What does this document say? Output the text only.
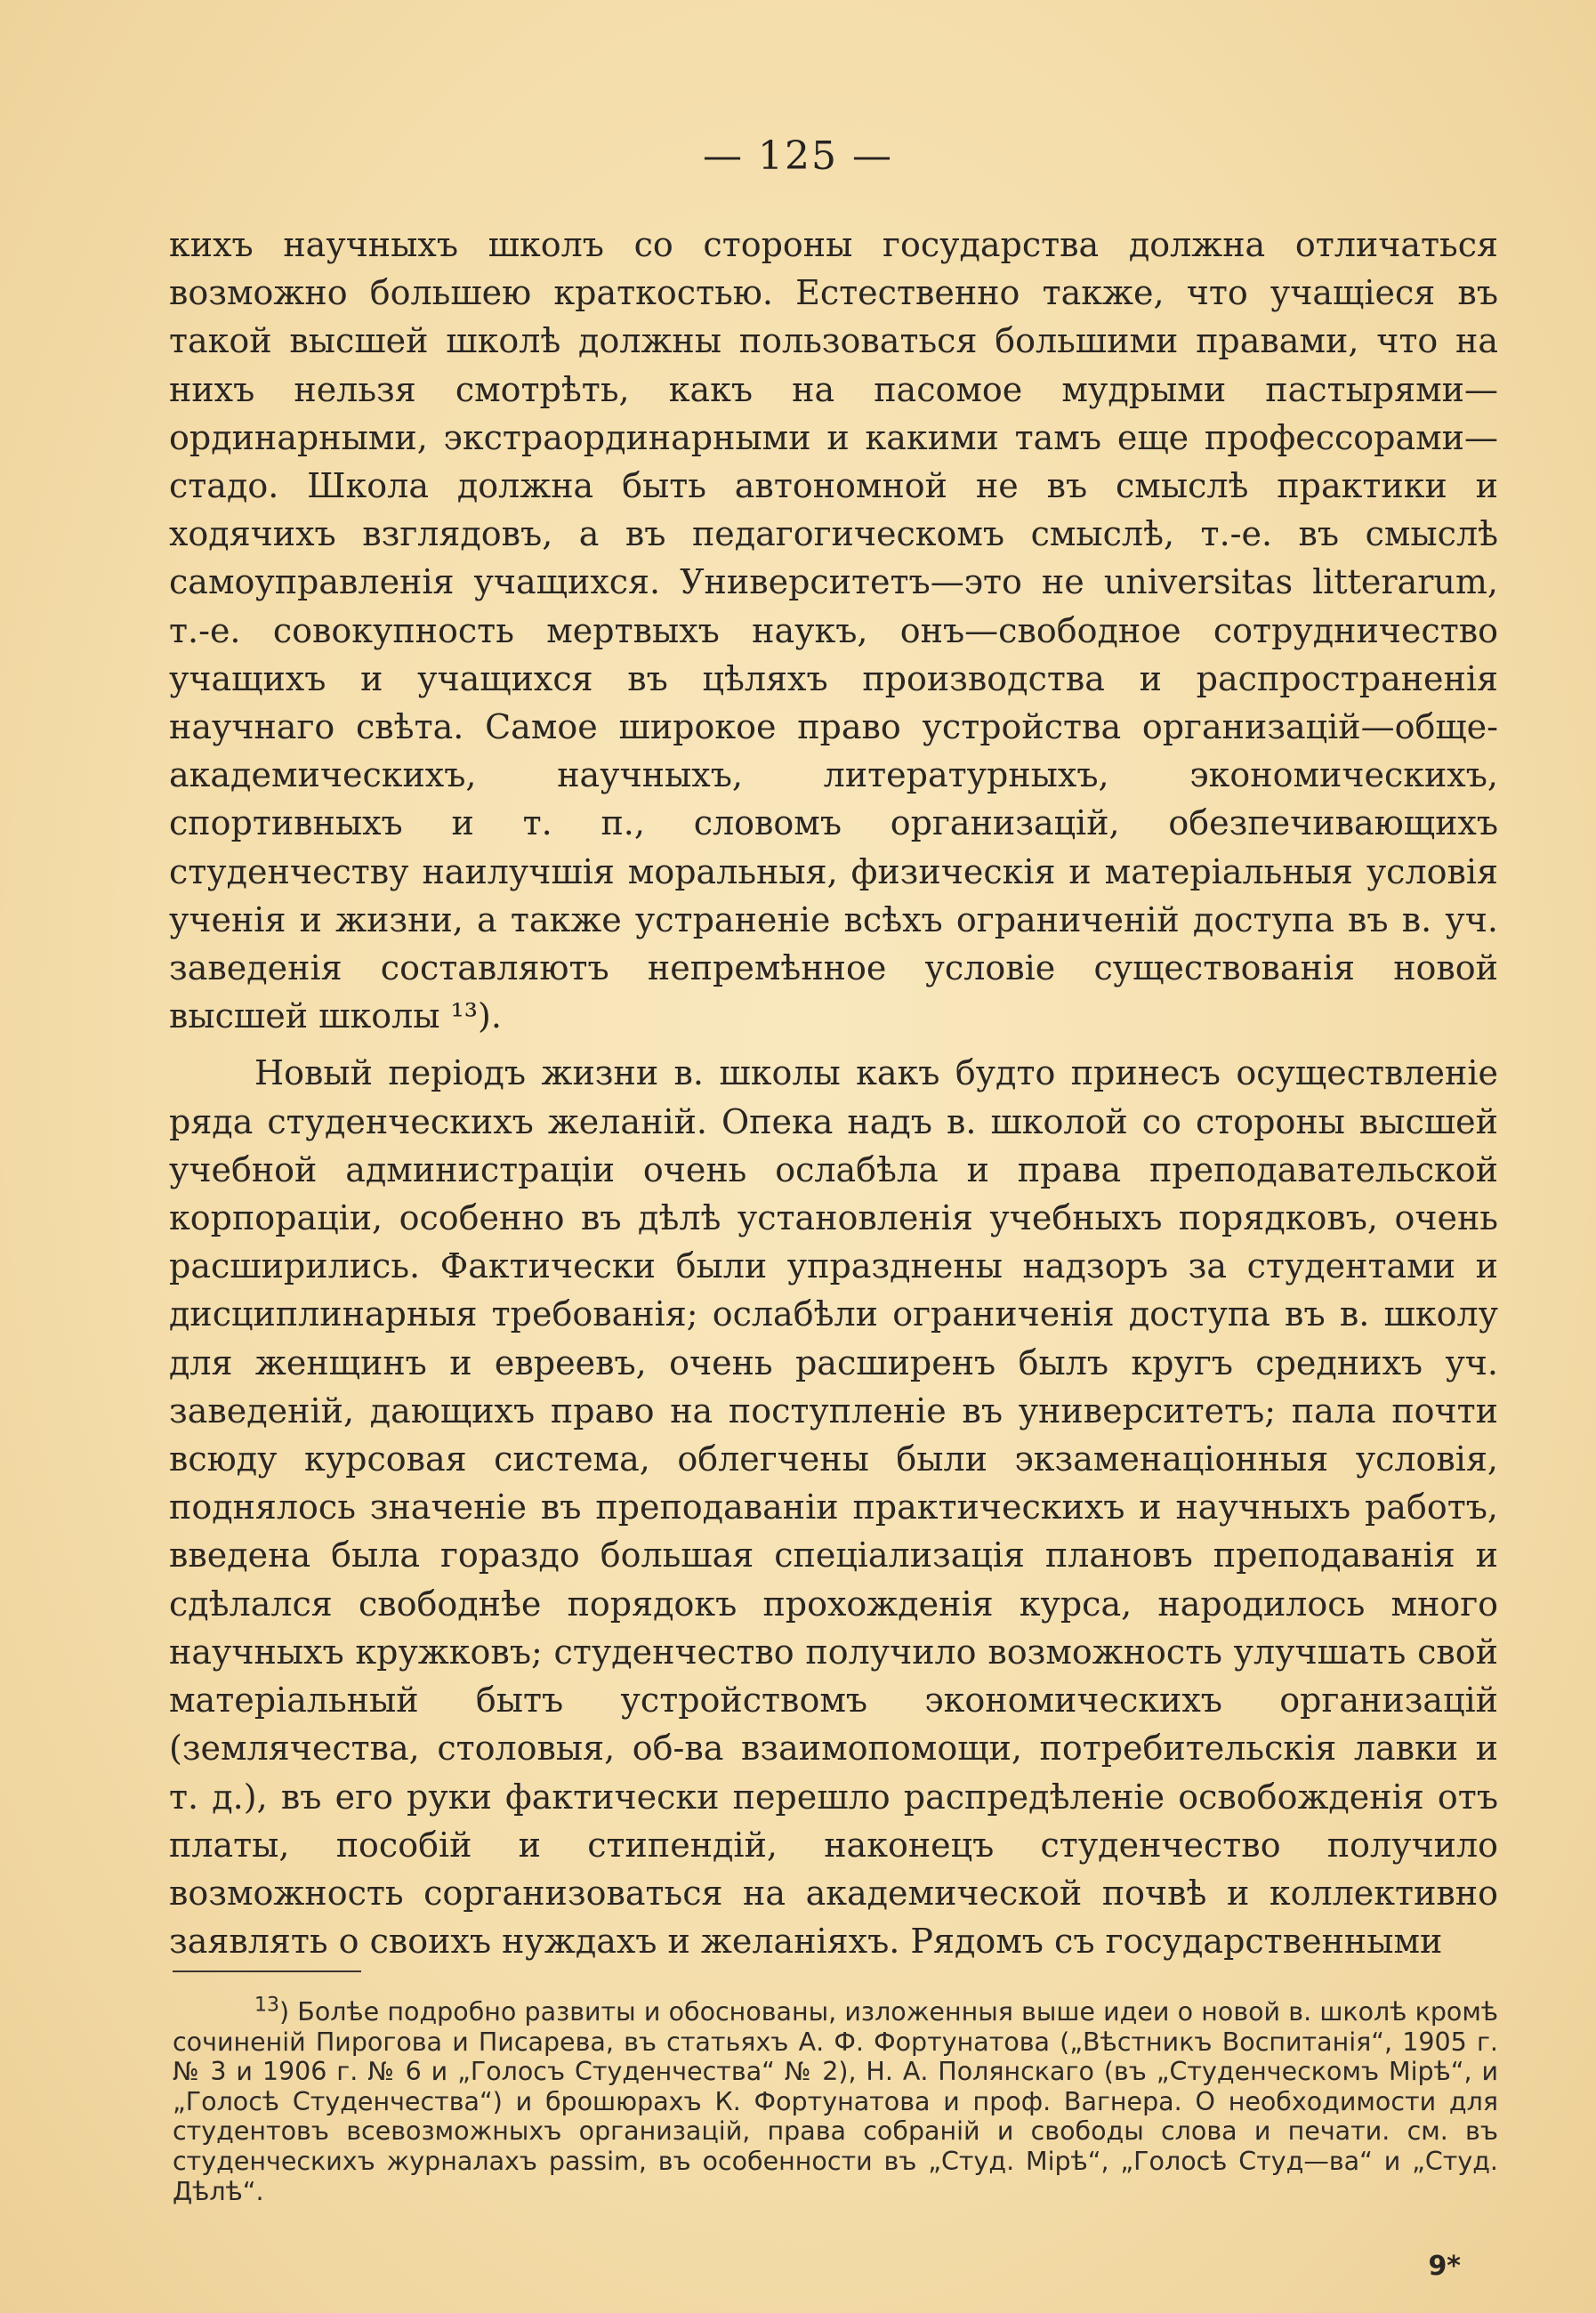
— 125 —

кихъ научныхъ школъ со стороны государства должна отличаться возможно большею краткостью. Естественно также, что учащіеся въ такой высшей школѣ должны пользоваться большими правами, что на нихъ нельзя смотрѣть, какъ на пасомое мудрыми пастырями—ординарными, экстраординарными и какими тамъ еще профессорами—стадо. Школа должна быть автономной не въ смыслѣ практики и ходячихъ взглядовъ, а въ педагогическомъ смыслѣ, т.-е. въ смыслѣ самоуправленія учащихся. Университетъ—это не universitas litterarum, т.-е. совокупность мертвыхъ наукъ, онъ—свободное сотрудничество учащихъ и учащихся въ цѣляхъ производства и распространенія научнаго свѣта. Самое широкое право устройства организацій—обще-академическихъ, научныхъ, литературныхъ, экономическихъ, спортивныхъ и т. п., словомъ организацій, обезпечивающихъ студенчеству наилучшія моральныя, физическія и матеріальныя условія ученія и жизни, а также устраненіе всѣхъ ограниченій доступа въ в. уч. заведенія составляютъ непремѣнное условіе существованія новой высшей школы ¹³).

Новый періодъ жизни в. школы какъ будто принесъ осуществленіе ряда студенческихъ желаній. Опека надъ в. школой со стороны высшей учебной администраціи очень ослабѣла и права преподавательской корпораціи, особенно въ дѣлѣ установленія учебныхъ порядковъ, очень расширились. Фактически были упразднены надзоръ за студентами и дисциплинарныя требованія; ослабѣли ограниченія доступа въ в. школу для женщинъ и евреевъ, очень расширенъ былъ кругъ среднихъ уч. заведеній, дающихъ право на поступленіе въ университетъ; пала почти всюду курсовая система, облегчены были экзаменаціонныя условія, поднялось значеніе въ преподаваніи практическихъ и научныхъ работъ, введена была гораздо большая спеціализація плановъ преподаванія и сдѣлался свободнѣе порядокъ прохожденія курса, народилось много научныхъ кружковъ; студенчество получило возможность улучшать свой матеріальный бытъ устройствомъ экономическихъ организацій (землячества, столовыя, об-ва взаимопомощи, потребительскія лавки и т. д.), въ его руки фактически перешло распредѣленіе освобожденія отъ платы, пособій и стипендій, наконецъ студенчество получило возможность сорганизоваться на академической почвѣ и коллективно заявлять о своихъ нуждахъ и желаніяхъ. Рядомъ съ государственными

$^{13}$) Болѣе подробно развиты и обоснованы, изложенныя выше идеи о новой в. школѣ кромѣ сочиненій Пирогова и Писарева, въ статьяхъ А. Ф. Фортунатова („Вѣстникъ Воспитанія“, 1905 г. № 3 и 1906 г. № 6 и „Голосъ Студенчества“ № 2), Н. А. Полянскаго (въ „Студенческомъ Мірѣ“, и „Голосѣ Студенчества“) и брошюрахъ К. Фортунатова и проф. Вагнера. О необходимости для студентовъ всевозможныхъ организацій, права собраній и свободы слова и печати. см. въ студенческихъ журналахъ passim, въ особенности въ „Студ. Мірѣ“, „Голосѣ Студ—ва“ и „Студ. Дѣлѣ“.

9*
